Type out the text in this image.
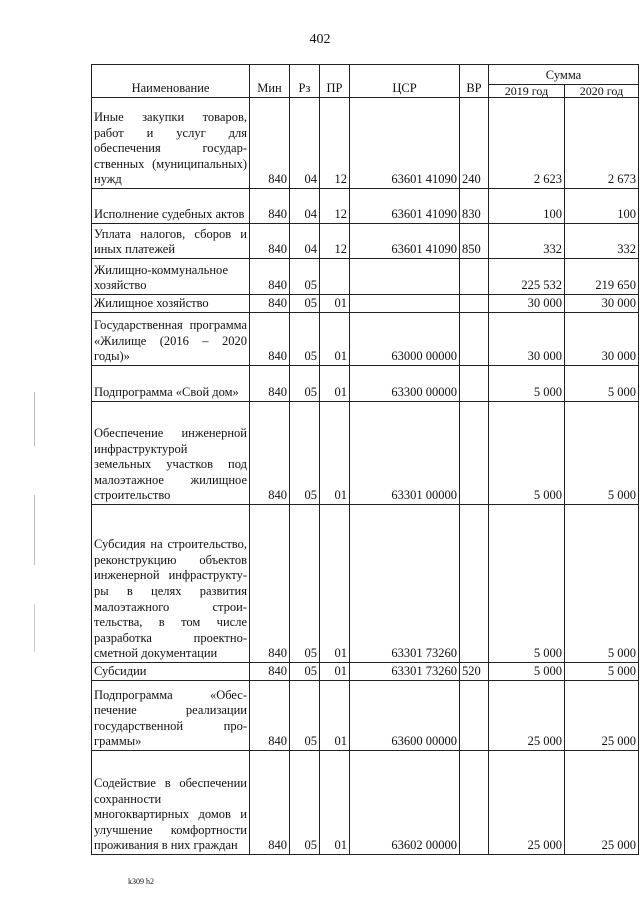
402
Наименование	Мин	Рз	ПР	ЦСР	ВР	Сумма	
						2019 год	2020 год
Иные закупки товаров, работ и услуг для обеспечения государственных (муниципальных) нужд	840	04	12	63601 41090	240	2 623	2 673
Исполнение судебных актов	840	04	12	63601 41090	830	100	100
Уплата налогов, сборов и иных платежей	840	04	12	63601 41090	850	332	332
Жилищно-коммунальное хозяйство	840	05				225 532	219 650
Жилищное хозяйство	840	05	01			30 000	30 000
Государственная программа «Жилище (2016 – 2020 годы)»	840	05	01	63000 00000		30 000	30 000
Подпрограмма «Свой дом»	840	05	01	63300 00000		5 000	5 000
Обеспечение инженерной инфраструктурой земельных участков под малоэтажное жилищное строительство	840	05	01	63301 00000		5 000	5 000
Субсидия на строительство, реконструкцию объектов инженерной инфраструктуры в целях развития малоэтажного строительства, в том числе разработка проектносметной документации	840	05	01	63301 73260		5 000	5 000
Субсидии	840	05	01	63301 73260	520	5 000	5 000
Подпрограмма «Обеспечение реализации государственной программы»	840	05	01	63600 00000		25 000	25 000
Содействие в обеспечении сохранности многоквартирных домов и улучшение комфортности проживания в них граждан	840	05	01	63602 00000		25 000	25 000
k309 h2
